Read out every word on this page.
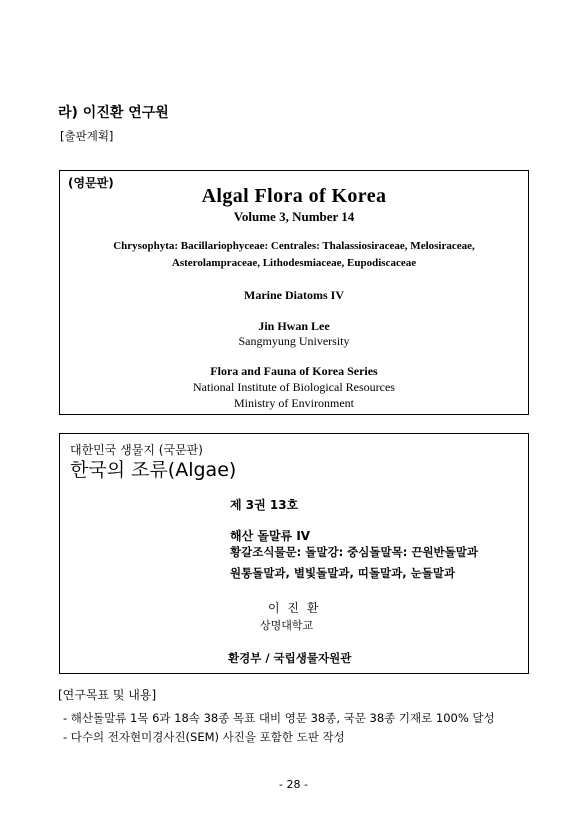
라) 이진환 연구원
[출판계획]
(영문판)
Algal Flora of Korea
Volume 3, Number 14
Chrysophyta: Bacillariophyceae: Centrales: Thalassiosiraceae, Melosiraceae,
Asterolampraceae, Lithodesmiaceae, Eupodiscaceae
Marine Diatoms IV
Jin Hwan Lee
Sangmyung University
Flora and Fauna of Korea Series
National Institute of Biological Resources
Ministry of Environment
대한민국 생물지 (국문판)
한국의 조류(Algae)
제 3권 13호
해산 돌말류 IV
황갈조식물문: 돌말강: 중심돌말목: 끈원반돌말과
원통돌말과, 별빛돌말과, 띠돌말과, 눈돌말과
이 진 환
상명대학교
환경부 / 국립생물자원관
[연구목표 및 내용]
- 해산돌말류 1목 6과 18속 38종 목표 대비 영문 38종, 국문 38종 기재로 100% 달성
- 다수의 전자현미경사진(SEM) 사진을 포함한 도판 작성
- 28 -
